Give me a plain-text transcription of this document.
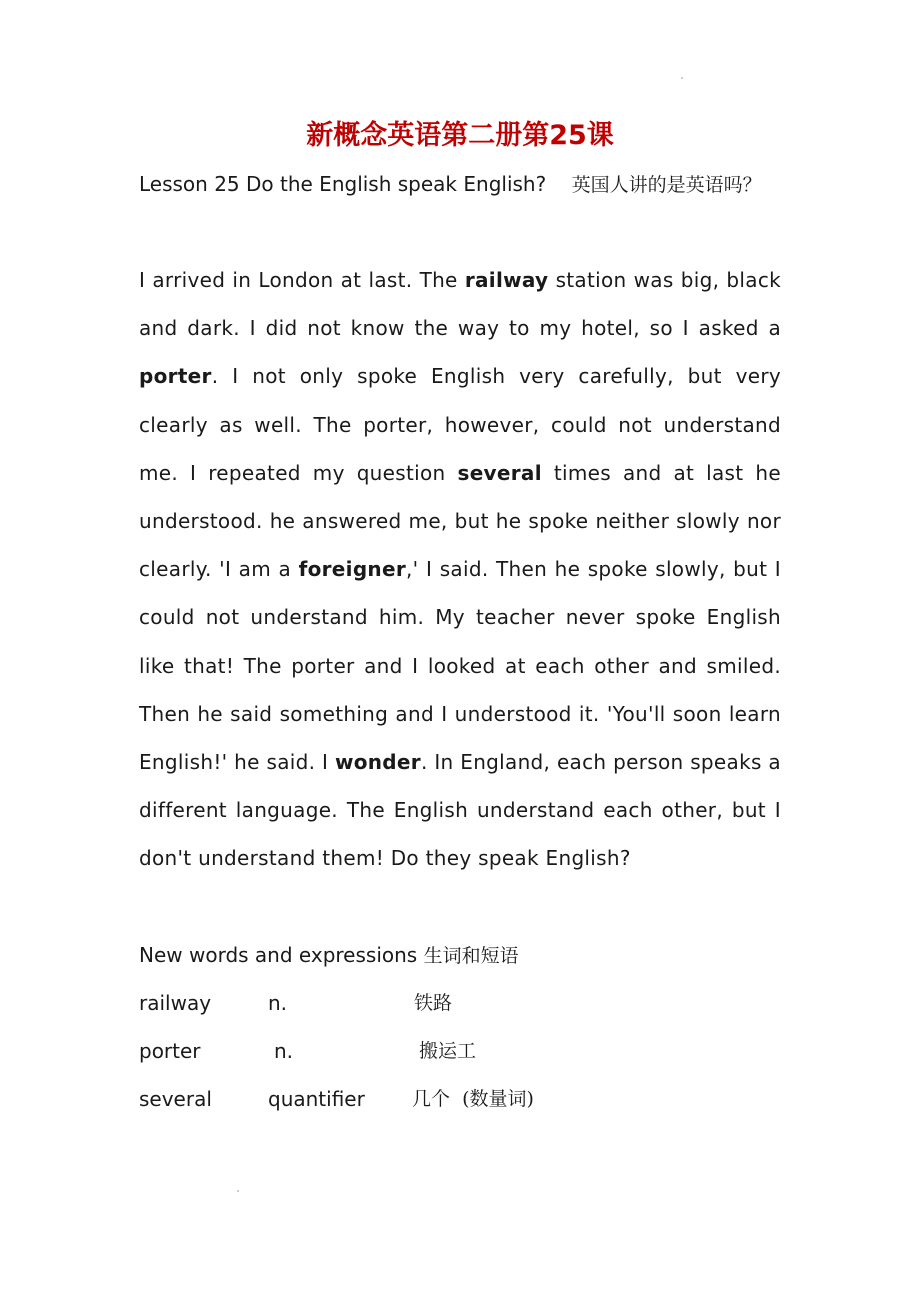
新概念英语第二册第25课

Lesson 25 Do the English speak English? 英国人讲的是英语吗？

I arrived in London at last. The railway station was big, black and dark. I did not know the way to my hotel, so I asked a porter. I not only spoke English very carefully, but very clearly as well. The porter, however, could not understand me. I repeated my question several times and at last he understood. he answered me, but he spoke neither slowly nor clearly. 'I am a foreigner,' I said. Then he spoke slowly, but I could not understand him. My teacher never spoke English like that! The porter and I looked at each other and smiled. Then he said something and I understood it. 'You'll soon learn English!' he said. I wonder. In England, each person speaks a different language. The English understand each other, but I don't understand them! Do they speak English?

New words and expressions 生词和短语

railway	n.	铁路
porter	n.	搬运工
several	quantifier 几个  (数量词)
